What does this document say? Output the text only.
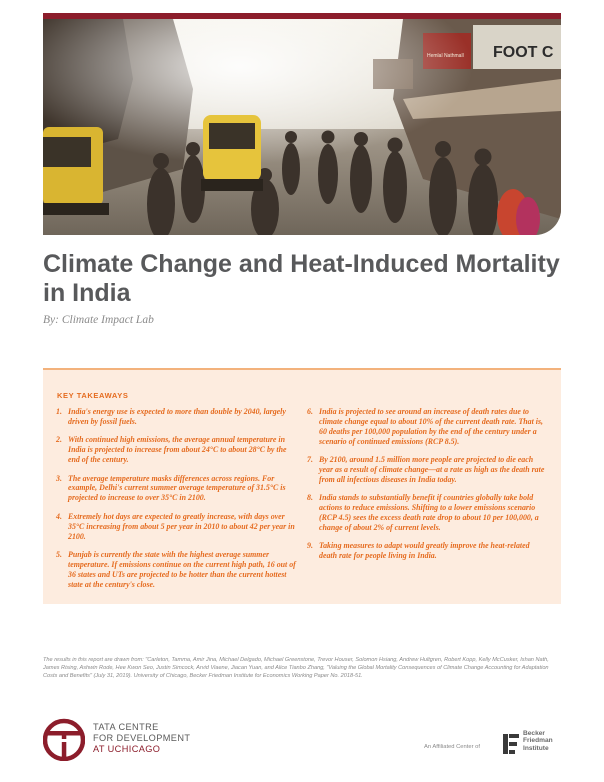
FOOT C
Hemlal Nathmall
Climate Change and Heat-Induced Mortality in India

By: Climate Impact Lab

KEY TAKEAWAYS
1. India's energy use is expected to more than double by 2040, largely driven by fossil fuels.
2. With continued high emissions, the average annual temperature in India is projected to increase from about 24°C to about 28°C by the end of the century.
3. The average temperature masks differences across regions. For example, Delhi's current summer average temperature of 31.5°C is projected to increase to over 35°C in 2100.
4. Extremely hot days are expected to greatly increase, with days over 35°C increasing from about 5 per year in 2010 to about 42 per year in 2100.
5. Punjab is currently the state with the highest average summer temperature. If emissions continue on the current high path, 16 out of 36 states and UTs are projected to be hotter than the current hottest state at the century's close.
6. India is projected to see around an increase of death rates due to climate change equal to about 10% of the current death rate. That is, 60 deaths per 100,000 population by the end of the century under a scenario of continued emissions (RCP 8.5).
7. By 2100, around 1.5 million more people are projected to die each year as a result of climate change—at a rate as high as the death rate from all infectious diseases in India today.
8. India stands to substantially benefit if countries globally take bold actions to reduce emissions. Shifting to a lower emissions scenario (RCP 4.5) sees the excess death rate drop to about 10 per 100,000, a change of about 2% of current levels.
9. Taking measures to adapt would greatly improve the heat-related death rate for people living in India.

The results in this report are drawn from: "Carleton, Tamma, Amir Jina, Michael Delgado, Michael Greenstone, Trevor Houser, Solomon Hsiang, Andrew Hultgren, Robert Kopp, Kelly McCusker, Ishan Nath, James Rising, Ashwin Rode, Hee Kwon Seo, Justin Simcock, Arvid Viaene, Jiacan Yuan, and Alice Tianbo Zhang, "Valuing the Global Mortality Consequences of Climate Change Accounting for Adaptation Costs and Benefits" (July 31, 2019). University of Chicago, Becker Friedman Institute for Economics Working Paper No. 2018-51.

TATA CENTRE
FOR DEVELOPMENT
AT UCHICAGO	An Affiliated Center of

Becker
Friedman
Institute
